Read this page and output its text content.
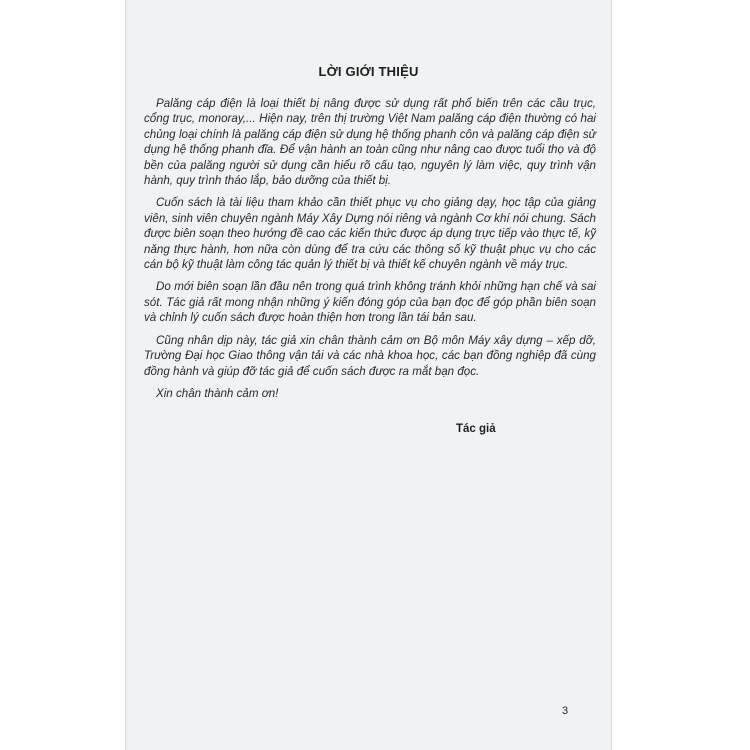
LỜI GIỚI THIỆU

Palăng cáp điện là loại thiết bị nâng được sử dụng rất phổ biến trên các cầu trục, cổng trục, monoray,... Hiện nay, trên thị trường Việt Nam palăng cáp điện thường có hai chủng loại chính là palăng cáp điện sử dụng hệ thống phanh côn và palăng cáp điện sử dụng hệ thống phanh đĩa. Để vận hành an toàn cũng như nâng cao được tuổi thọ và độ bền của palăng người sử dụng cần hiểu rõ cấu tạo, nguyên lý làm việc, quy trình vận hành, quy trình tháo lắp, bảo dưỡng của thiết bị.

Cuốn sách là tài liệu tham khảo cần thiết phục vụ cho giảng dạy, học tập của giảng viên, sinh viên chuyên ngành Máy Xây Dựng nói riêng và ngành Cơ khí nói chung. Sách được biên soạn theo hướng đề cao các kiến thức được áp dụng trực tiếp vào thực tế, kỹ năng thực hành, hơn nữa còn dùng để tra cứu các thông số kỹ thuật phục vụ cho các cán bộ kỹ thuật làm công tác quản lý thiết bị và thiết kế chuyên ngành về máy trục.

Do mới biên soạn lần đầu nên trong quá trình không tránh khỏi những hạn chế và sai sót. Tác giả rất mong nhận những ý kiến đóng góp của bạn đọc để góp phần biên soạn và chỉnh lý cuốn sách được hoàn thiện hơn trong lần tái bản sau.

Cũng nhân dịp này, tác giả xin chân thành cảm ơn Bộ môn Máy xây dựng – xếp dỡ, Trường Đại học Giao thông vận tải và các nhà khoa học, các bạn đồng nghiệp đã cùng đồng hành và giúp đỡ tác giả để cuốn sách được ra mắt bạn đọc.

Xin chân thành cảm ơn!

Tác giả
3
